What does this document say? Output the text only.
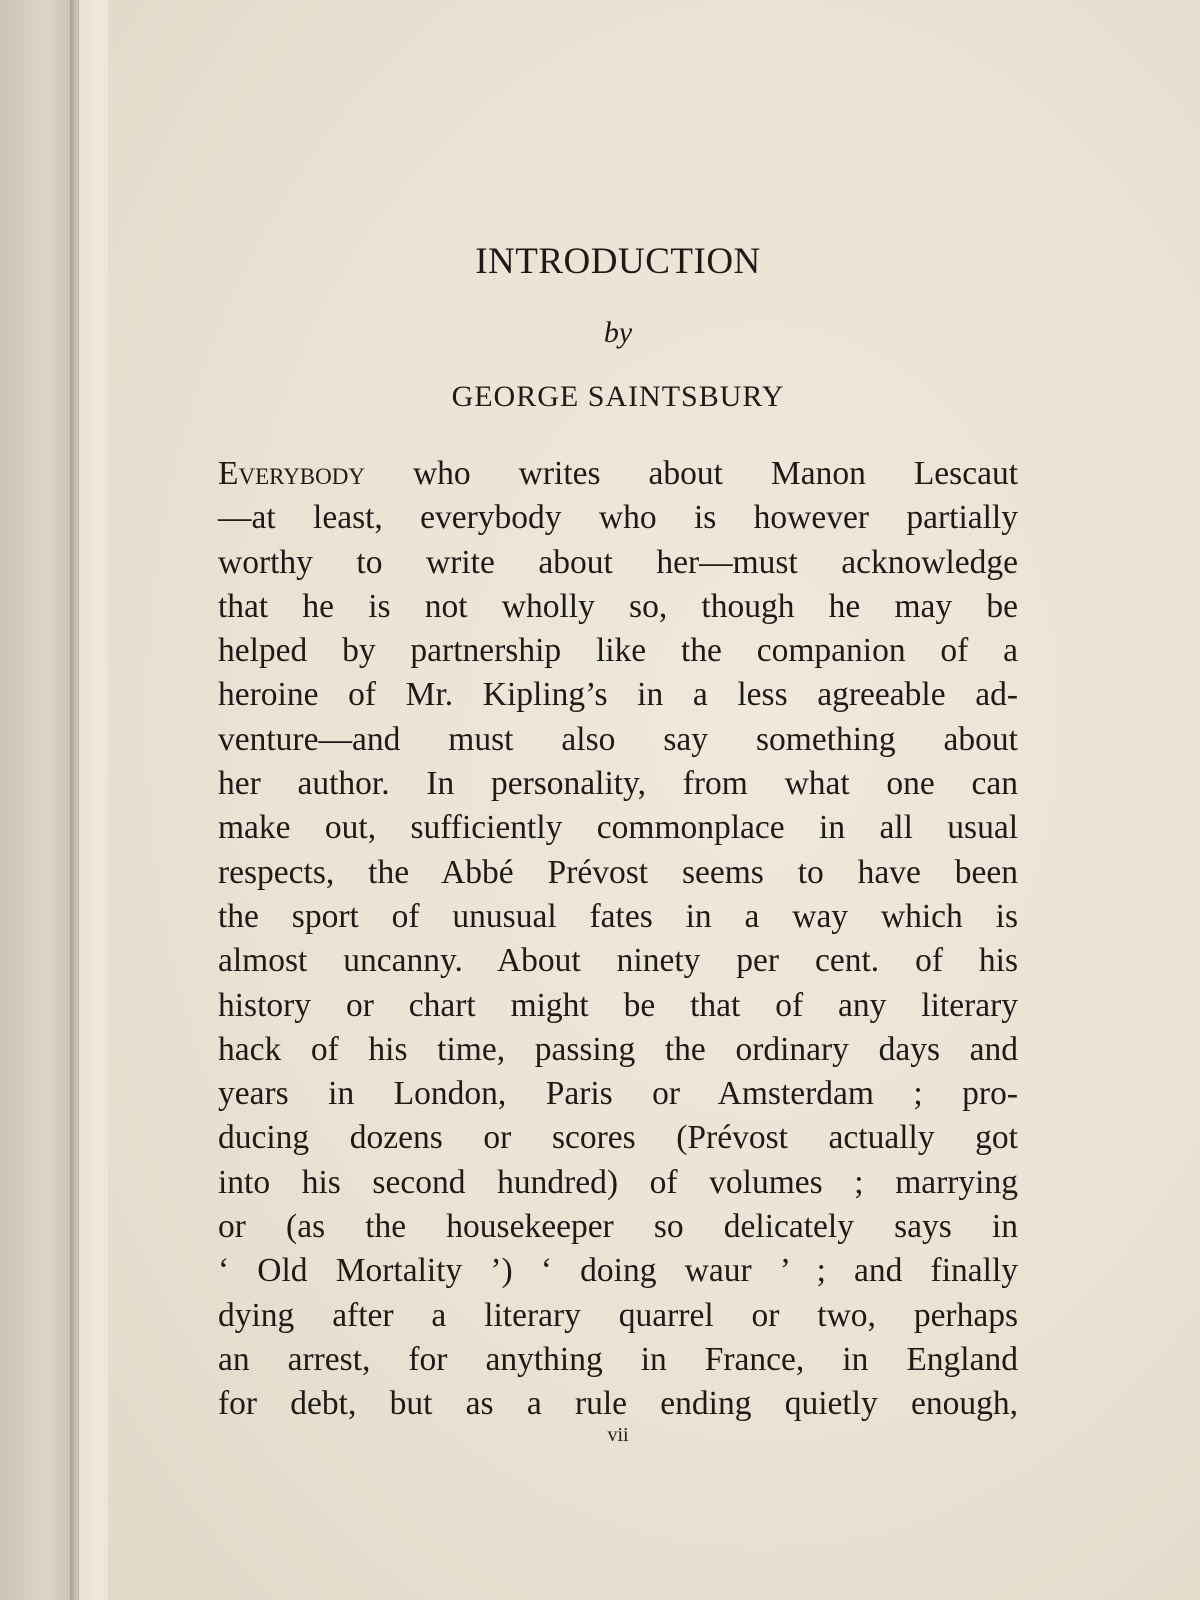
INTRODUCTION
by
GEORGE SAINTSBURY
Everybody who writes about Manon Lescaut
—at least, everybody who is however partially
worthy to write about her—must acknowledge
that he is not wholly so, though he may be
helped by partnership like the companion of a
heroine of Mr. Kipling’s in a less agreeable ad-
venture—and must also say something about
her author. In personality, from what one can
make out, sufficiently commonplace in all usual
respects, the Abbé Prévost seems to have been
the sport of unusual fates in a way which is
almost uncanny. About ninety per cent. of his
history or chart might be that of any literary
hack of his time, passing the ordinary days and
years in London, Paris or Amsterdam ; pro-
ducing dozens or scores (Prévost actually got
into his second hundred) of volumes ; marrying
or (as the housekeeper so delicately says in
‘ Old Mortality ’) ‘ doing waur ’ ; and finally
dying after a literary quarrel or two, perhaps
an arrest, for anything in France, in England
for debt, but as a rule ending quietly enough,
vii
